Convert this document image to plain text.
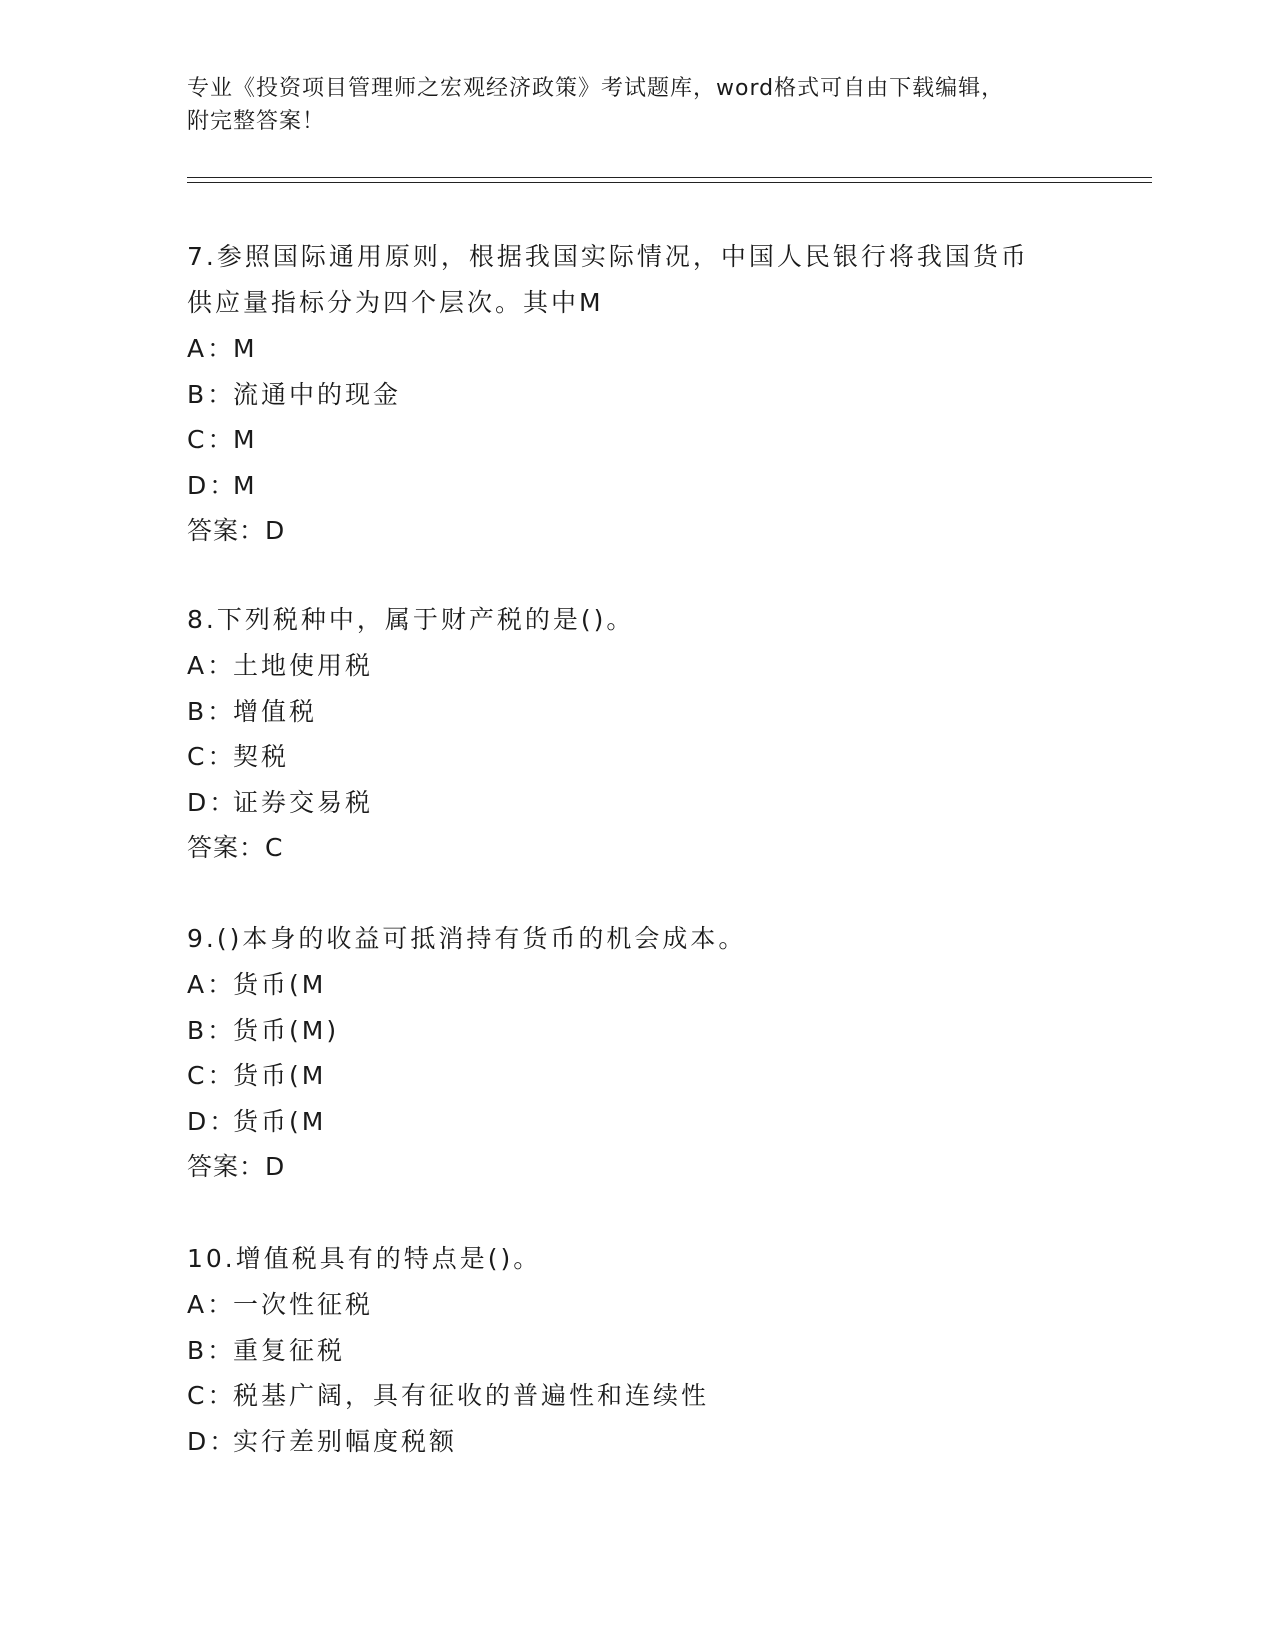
专业《投资项目管理师之宏观经济政策》考试题库，word格式可自由下载编辑，
附完整答案！
7.参照国际通用原则，根据我国实际情况，中国人民银行将我国货币
供应量指标分为四个层次。其中M
A：M
B：流通中的现金
C：M
D：M
答案：D
8.下列税种中，属于财产税的是()。
A：土地使用税
B：增值税
C：契税
D：证券交易税
答案：C
9.()本身的收益可抵消持有货币的机会成本。
A：货币(M
B：货币(M)
C：货币(M
D：货币(M
答案：D
10.增值税具有的特点是()。
A：一次性征税
B：重复征税
C：税基广阔，具有征收的普遍性和连续性
D：实行差别幅度税额
